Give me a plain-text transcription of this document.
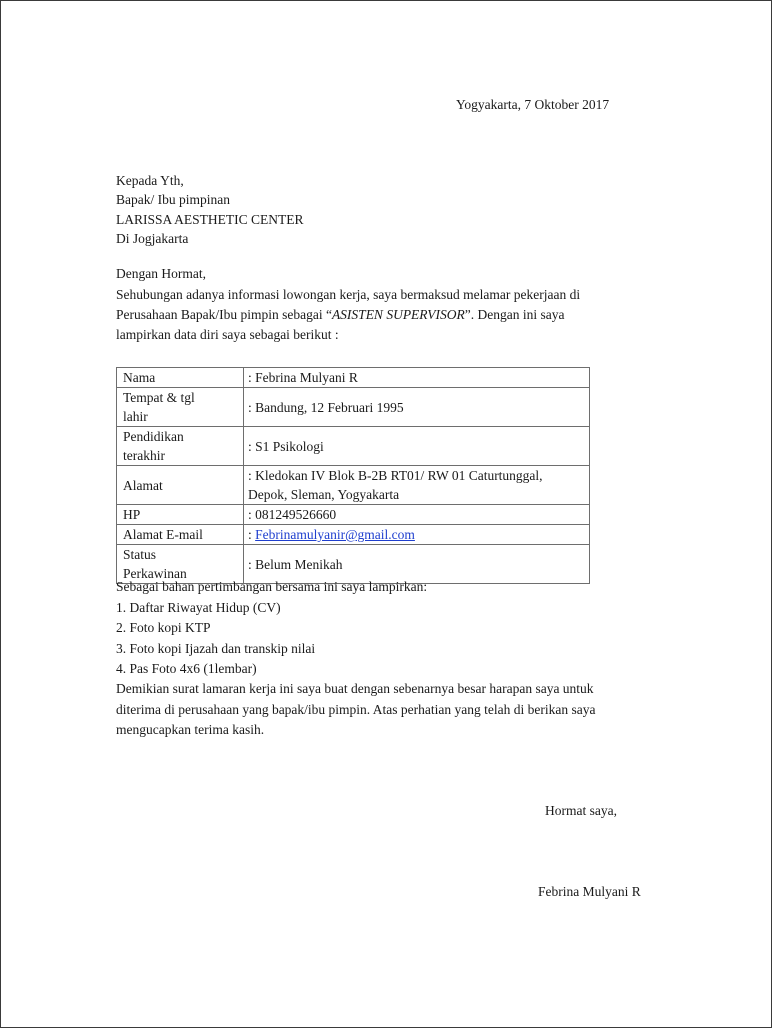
Yogyakarta, 7 Oktober 2017
Kepada Yth,
Bapak/ Ibu pimpinan
LARISSA AESTHETIC CENTER
Di Jogjakarta
Dengan Hormat,
Sehubungan adanya informasi lowongan kerja, saya bermaksud melamar pekerjaan di
Perusahaan Bapak/Ibu pimpin sebagai “ASISTEN SUPERVISOR”. Dengan ini saya
lampirkan data diri saya sebagai berikut :
Nama	: Febrina Mulyani R

Tempat & tgl
lahir	: Bandung, 12 Februari 1995

Pendidikan
terakhir	: S1 Psikologi
Alamat	: Kledokan IV Blok B-2B RT01/ RW 01 Caturtunggal,
Depok, Sleman, Yogyakarta

HP	: 081249526660
Alamat E-mail	: Febrinamulyanir@gmail.com

Status
Perkawinan	: Belum Menikah
Sebagai bahan pertimbangan bersama ini saya lampirkan:
1. Daftar Riwayat Hidup (CV)
2. Foto kopi KTP
3. Foto kopi Ijazah dan transkip nilai
4. Pas Foto 4x6 (1lembar)
Demikian surat lamaran kerja ini saya buat dengan sebenarnya besar harapan saya untuk
diterima di perusahaan yang bapak/ibu pimpin. Atas perhatian yang telah di berikan saya
mengucapkan terima kasih.
Hormat saya,
Febrina Mulyani R
